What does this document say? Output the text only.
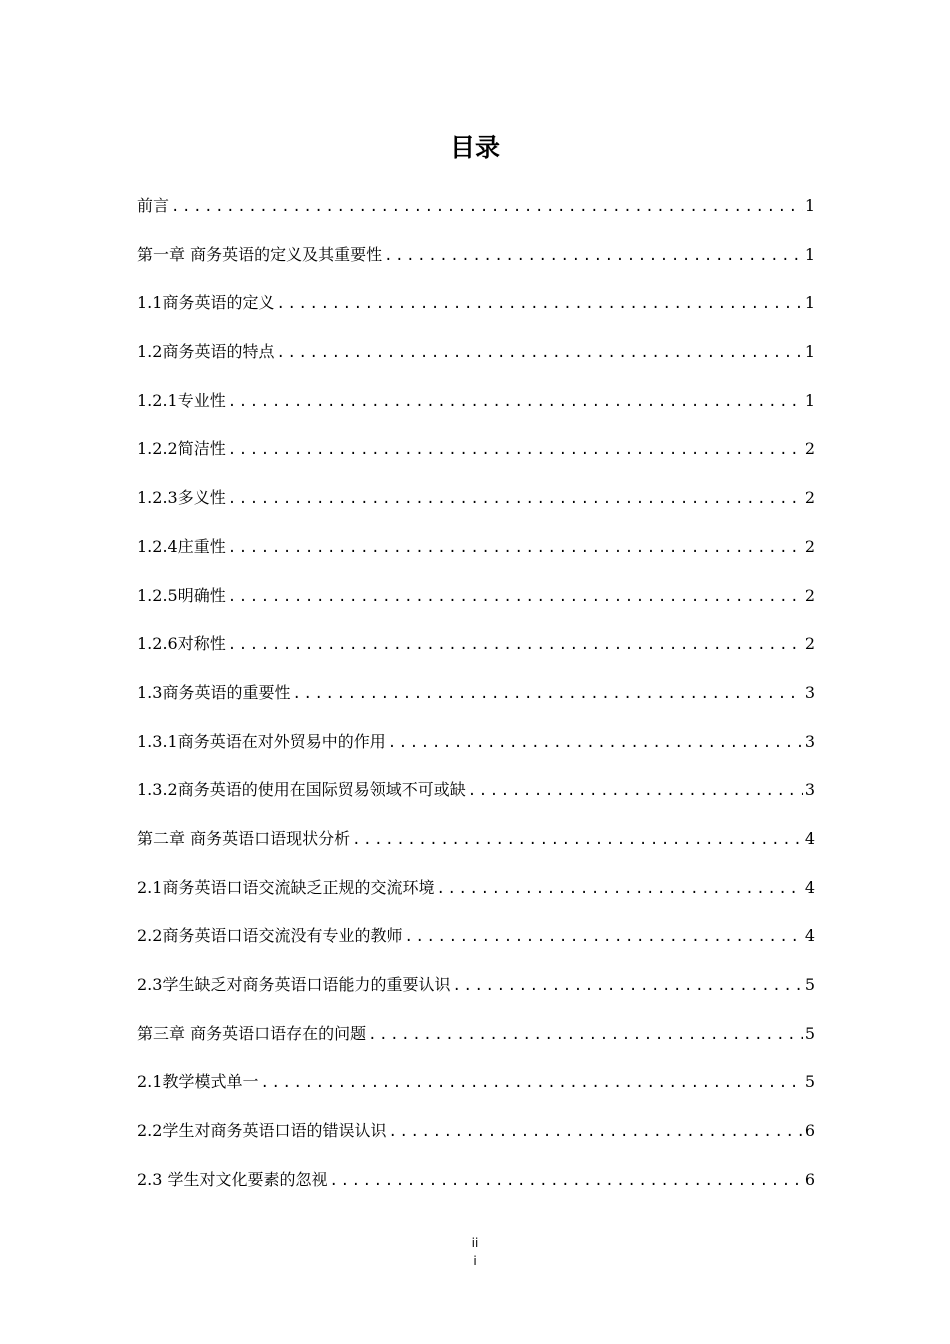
目录
前言 .....	1
第一章 商务英语的定义及其重要性 .....	1
1.1商务英语的定义 .....	1
1.2商务英语的特点 .....	1
1.2.1专业性 .....	1
1.2.2简洁性 .....	2
1.2.3多义性 .....	2
1.2.4庄重性 .....	2
1.2.5明确性 .....	2
1.2.6对称性 .....	2
1.3商务英语的重要性 .....	3
1.3.1商务英语在对外贸易中的作用 .....	3
1.3.2商务英语的使用在国际贸易领域不可或缺 .....	3
第二章 商务英语口语现状分析 .....	4
2.1商务英语口语交流缺乏正规的交流环境 .....	4
2.2商务英语口语交流没有专业的教师 .....	4
2.3学生缺乏对商务英语口语能力的重要认识 .....	5
第三章 商务英语口语存在的问题 .....	5
2.1教学模式单一 .....	5
2.2学生对商务英语口语的错误认识 .....	6
2.3 学生对文化要素的忽视 .....	6
ii
i
